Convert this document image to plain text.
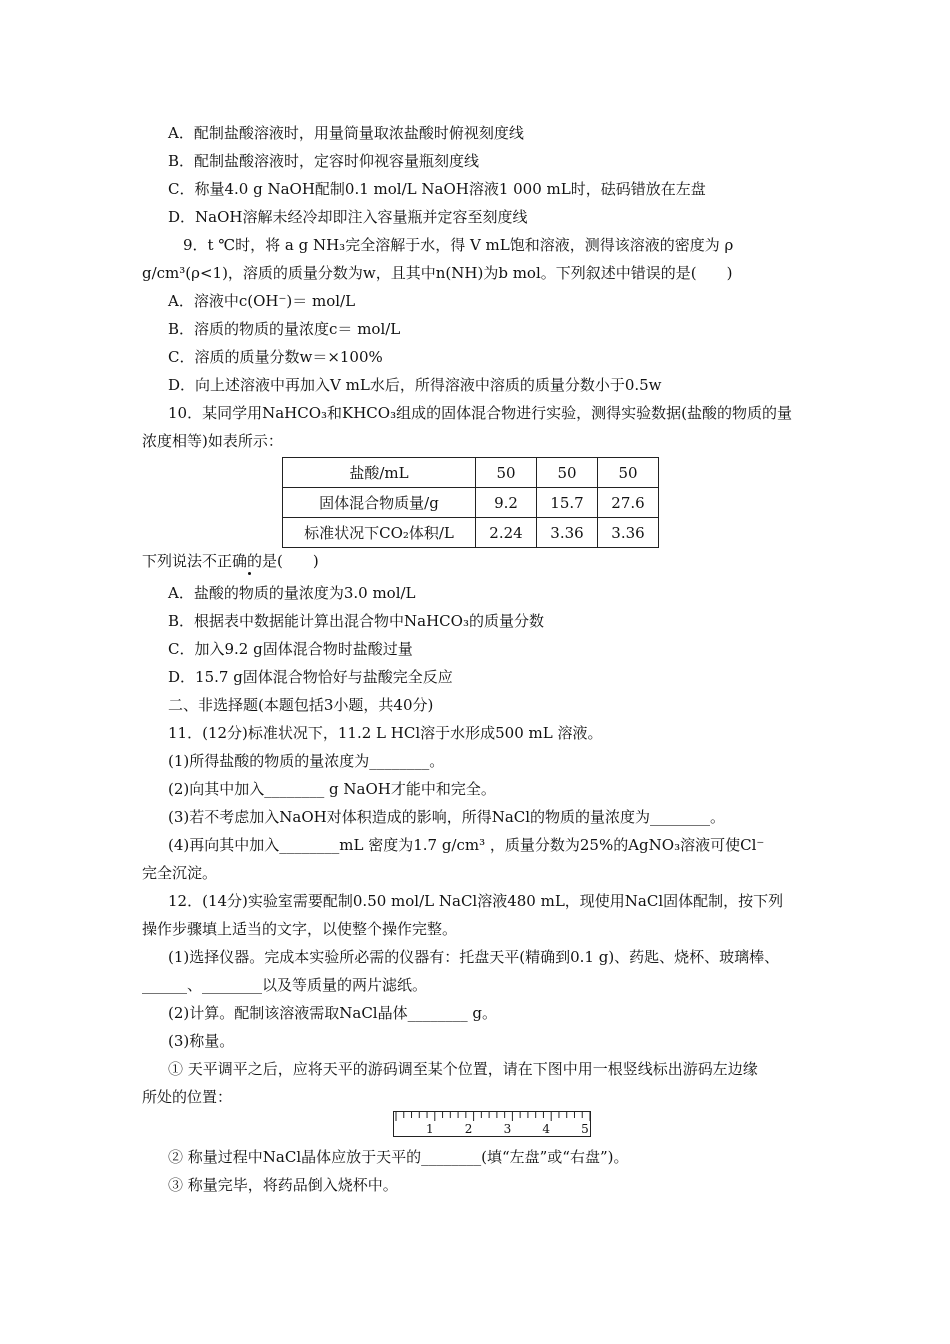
A．配制盐酸溶液时，用量筒量取浓盐酸时俯视刻度线
B．配制盐酸溶液时，定容时仰视容量瓶刻度线
C．称量4.0 g NaOH配制0.1 mol/L NaOH溶液1 000 mL时，砝码错放在左盘
D．NaOH溶解未经冷却即注入容量瓶并定容至刻度线
9．t ℃时，将 a g NH₃完全溶解于水，得 V mL饱和溶液，测得该溶液的密度为 ρ
g/cm³(ρ<1)，溶质的质量分数为w，且其中n(NH)为b mol。下列叙述中错误的是(　　)
A．溶液中c(OH⁻)＝ mol/L
B．溶质的物质的量浓度c＝ mol/L
C．溶质的质量分数w＝×100%
D．向上述溶液中再加入V mL水后，所得溶液中溶质的质量分数小于0.5w
10．某同学用NaHCO₃和KHCO₃组成的固体混合物进行实验，测得实验数据(盐酸的物质的量
浓度相等)如表所示：
盐酸/mL	50	50	50
固体混合物质量/g	9.2	15.7	27.6
标准状况下CO₂体积/L	2.24	3.36	3.36
下列说法不正确的是(　　)
A．盐酸的物质的量浓度为3.0 mol/L
B．根据表中数据能计算出混合物中NaHCO₃的质量分数
C．加入9.2 g固体混合物时盐酸过量
D．15.7 g固体混合物恰好与盐酸完全反应
二、非选择题(本题包括3小题，共40分)
11．(12分)标准状况下，11.2 L HCl溶于水形成500 mL 溶液。
(1)所得盐酸的物质的量浓度为________。
(2)向其中加入________ g NaOH才能中和完全。
(3)若不考虑加入NaOH对体积造成的影响，所得NaCl的物质的量浓度为________。
(4)再向其中加入________mL 密度为1.7 g/cm³ ，质量分数为25%的AgNO₃溶液可使Cl⁻
完全沉淀。
12．(14分)实验室需要配制0.50 mol/L NaCl溶液480 mL，现使用NaCl固体配制，按下列
操作步骤填上适当的文字，以使整个操作完整。
(1)选择仪器。完成本实验所必需的仪器有：托盘天平(精确到0.1 g)、药匙、烧杯、玻璃棒、
______、________以及等质量的两片滤纸。
(2)计算。配制该溶液需取NaCl晶体________ g。
(3)称量。
① 天平调平之后，应将天平的游码调至某个位置，请在下图中用一根竖线标出游码左边缘
所处的位置：
1	2	3	4	5
② 称量过程中NaCl晶体应放于天平的________(填“左盘”或“右盘”)。
③ 称量完毕，将药品倒入烧杯中。
